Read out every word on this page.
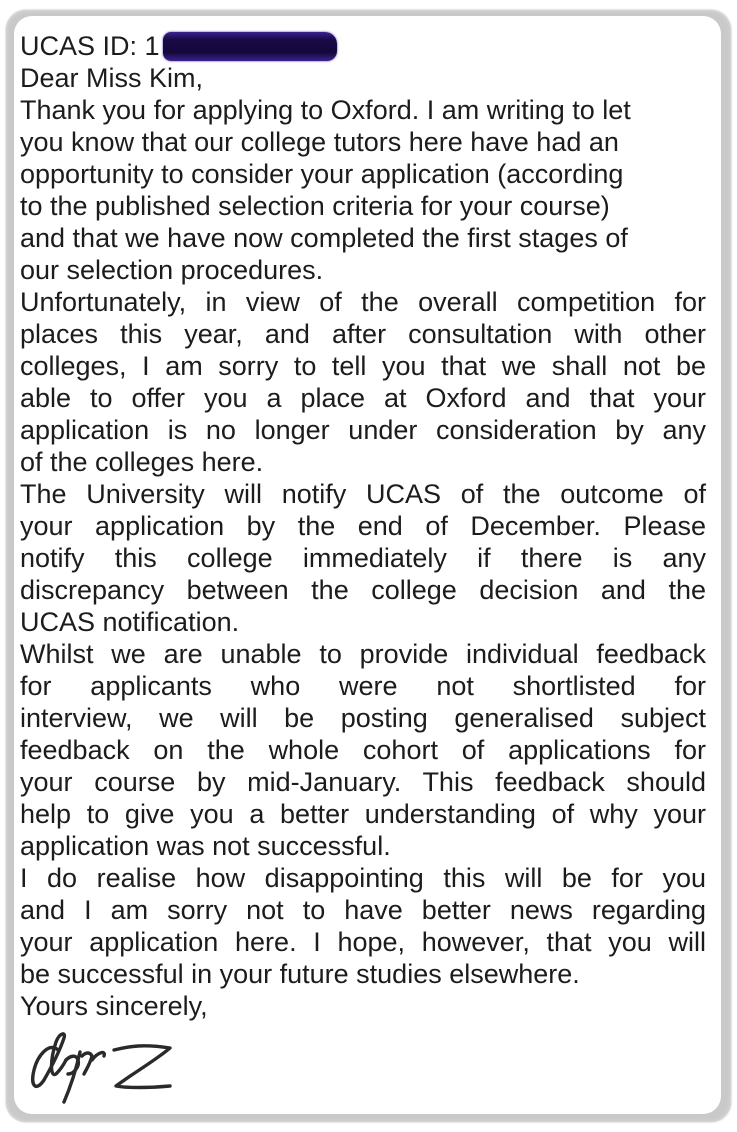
UCAS ID: 1
Dear Miss Kim,
Thank you for applying to Oxford. I am writing to let
you know that our college tutors here have had an
opportunity to consider your application (according
to the published selection criteria for your course)
and that we have now completed the first stages of
our selection procedures.
Unfortunately, in view of the overall competition for
places this year, and after consultation with other
colleges, I am sorry to tell you that we shall not be
able to offer you a place at Oxford and that your
application is no longer under consideration by any
of the colleges here.
The University will notify UCAS of the outcome of
your application by the end of December. Please
notify this college immediately if there is any
discrepancy between the college decision and the
UCAS notification.
Whilst we are unable to provide individual feedback
for applicants who were not shortlisted for
interview, we will be posting generalised subject
feedback on the whole cohort of applications for
your course by mid-January. This feedback should
help to give you a better understanding of why your
application was not successful.
I do realise how disappointing this will be for you
and I am sorry not to have better news regarding
your application here. I hope, however, that you will
be successful in your future studies elsewhere.
Yours sincerely,
